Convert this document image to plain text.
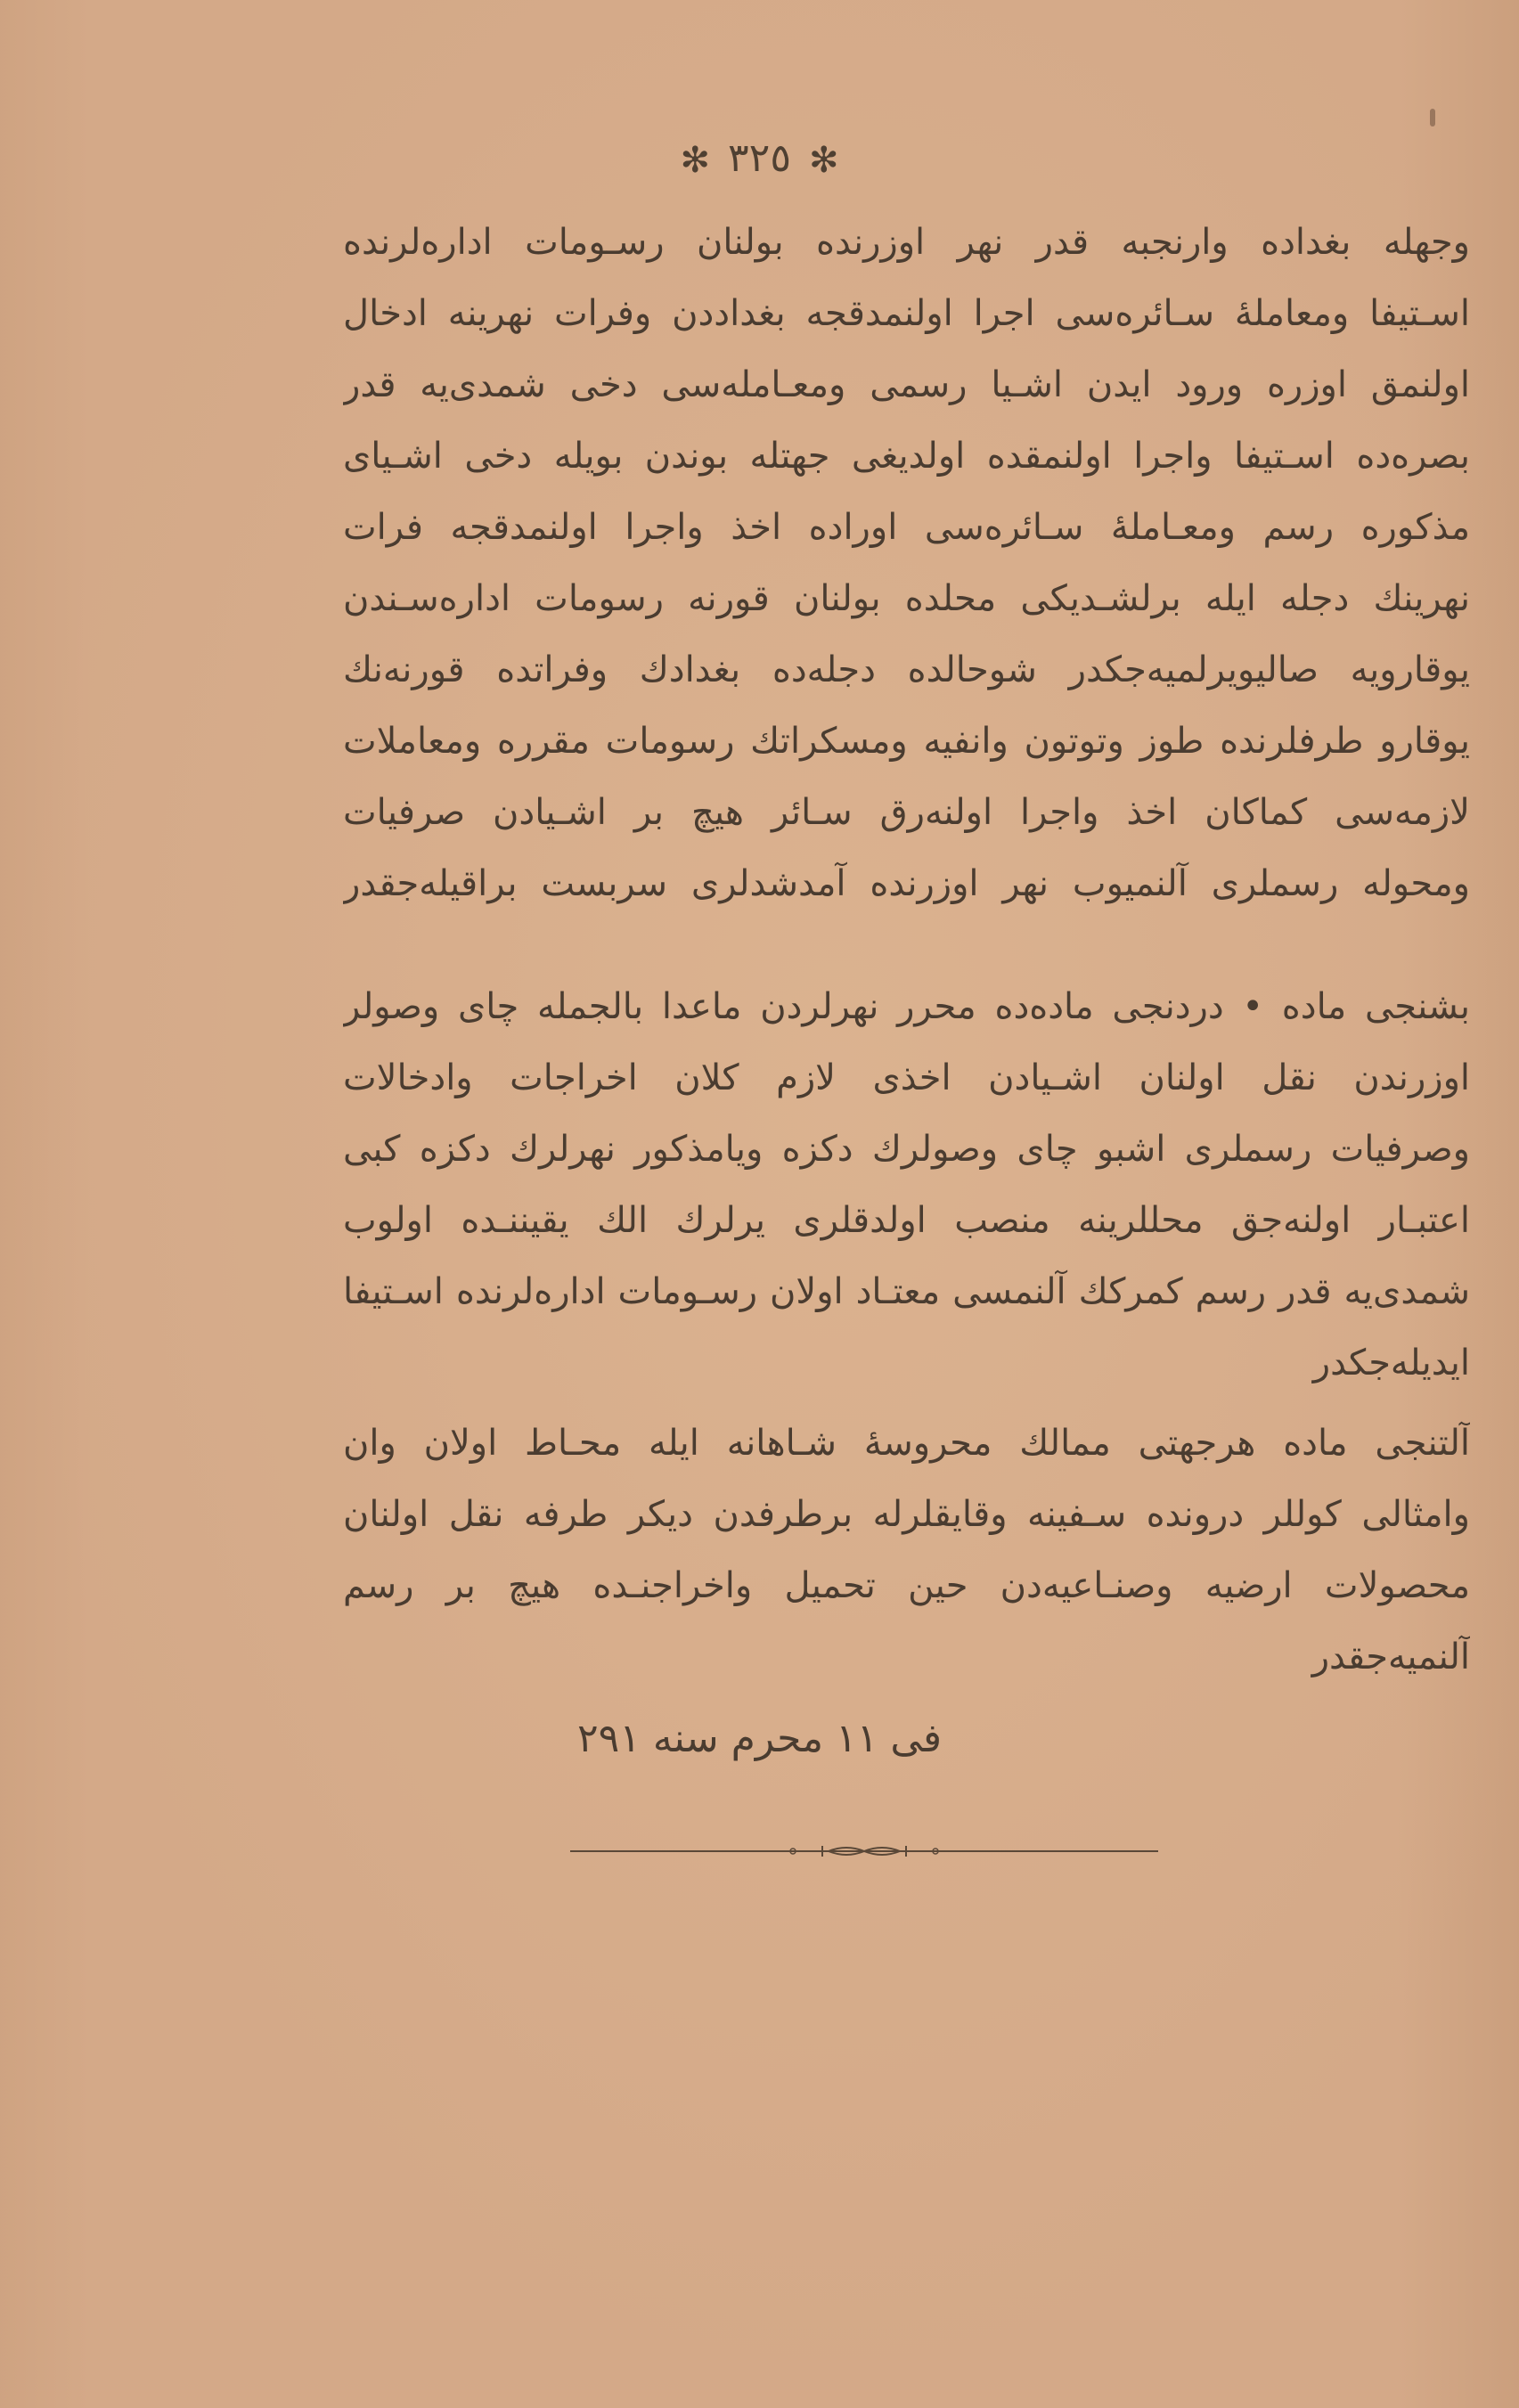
✻ ٣٢٥ ✻
وجهله بغداده وارنجبه قدر نهر اوزرنده بولنان رسـومات ادارەلرنده
اسـتيفا ومعاملهٔ سـائرەسی اجرا اولنمدقجه بغداددن وفرات نهرینه ادخال
اولنمق اوزره ورود ايدن اشـيا رسمی ومعـاملەسی دخی شمدی‌یه قدر
بصره‌ده اسـتيفا واجرا اولنمقده اولدیغی جهتله بوندن بویله دخی اشـيای
مذكوره رسم ومعـاملهٔ سـائرەسی اوراده اخذ واجرا اولنمدقجه فرات
نهرينك دجله ايله برلشـديكی محلده بولنان قورنه رسومات ادارەسـندن
يوقارويه صاليويرلميه‌جكدر شوحالده دجله‌ده بغدادك وفراتده قورنه‌نك
يوقارو طرفلرنده طوز وتوتون وانفيه ومسكراتك رسومات مقرره ومعاملات
لازمەسی كماكان اخذ واجرا اولنه‌رق سـائر هيچ بر اشـيادن صرفيات
ومحوله رسملری آلنميوب نهر اوزرنده آمدشدلری سربست براقيله‌جقدر
بشنجی ماده • دردنجی ماده‌ده محرر نهرلردن ماعدا بالجمله چای وصولر
اوزرندن نقل اولنان اشـيادن اخذی لازم كلان اخراجات وادخالات
وصرفيات رسملری اشبو چای وصولرك دكزه ويامذكور نهرلرك دكزه كبی
اعتبـار اولنه‌جق محللرينه منصب اولدقلری يرلرك الك يقيننـده اولوب
شمدی‌يه قدر رسم كمركك آلنمسی معتـاد اولان رسـومات ادارەلرنده اسـتيفا
ايديله‌جكدر
آلتنجی ماده هرجهتی ممالك محروسهٔ شـاهانه ايله محـاط اولان وان
وامثالی كوللر درونده سـفينه وقايقلرله برطرفدن ديكر طرفه نقل اولنان
محصولات ارضيه وصنـاعيه‌دن حين تحميل واخراجنـده هيچ بر رسم
آلنميه‌جقدر
فی ١١ محرم سنه ٢٩١
